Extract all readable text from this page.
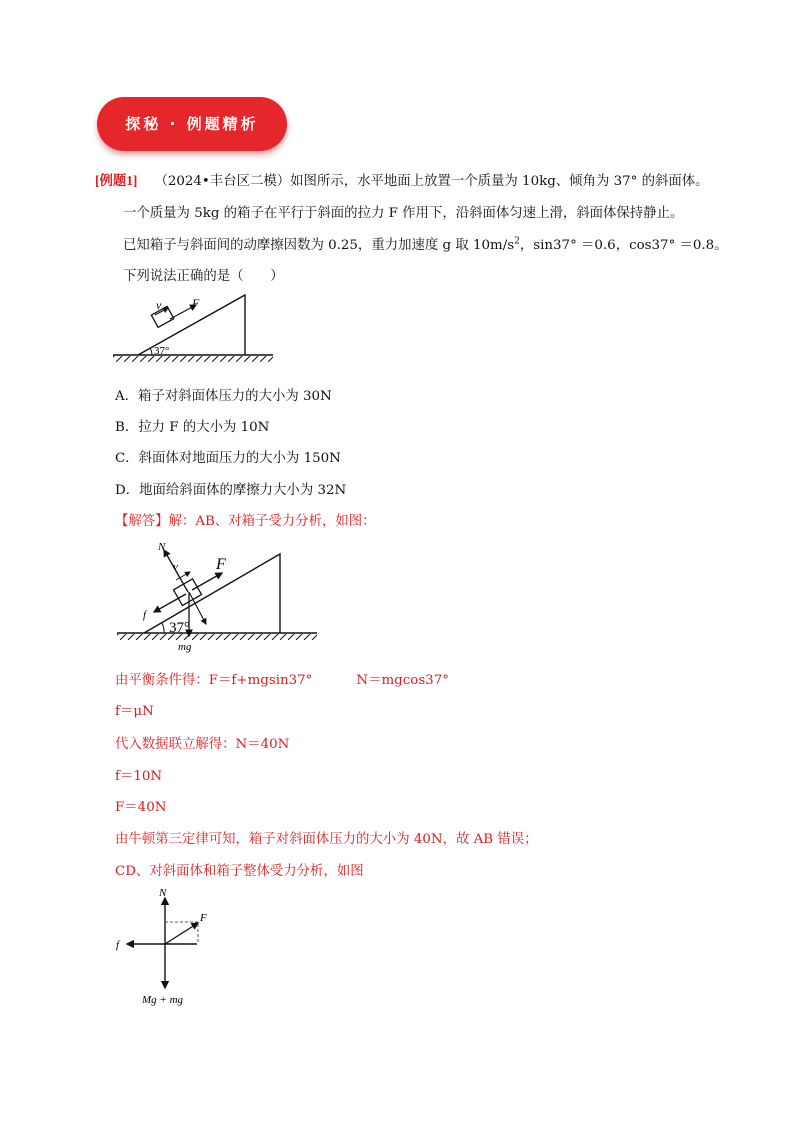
探秘 · 例题精析
[例题1] （2024•丰台区二模）如图所示，水平地面上放置一个质量为 10kg、倾角为 37° 的斜面体。
一个质量为 5kg 的箱子在平行于斜面的拉力 F 作用下，沿斜面体匀速上滑，斜面体保持静止。
已知箱子与斜面间的动摩擦因数为 0.25，重力加速度 g 取 $10m/s^2$，sin37° ＝0.6，cos37° ＝0.8。
下列说法正确的是（　　）
v	F
37°
A．箱子对斜面体压力的大小为 30N
B．拉力 F 的大小为 10N
C．斜面体对地面压力的大小为 150N
D．地面给斜面体的摩擦力大小为 32N
【解答】解：AB、对箱子受力分析，如图：
N
v F
f
mg
37°
由平衡条件得：F＝f+mgsin37°	N＝mgcos37°
f＝μN
代入数据联立解得：N＝40N
f＝10N
F＝40N
由牛顿第三定律可知，箱子对斜面体压力的大小为 40N，故 AB 错误；
CD、对斜面体和箱子整体受力分析，如图
N
F
f
Mg + mg
